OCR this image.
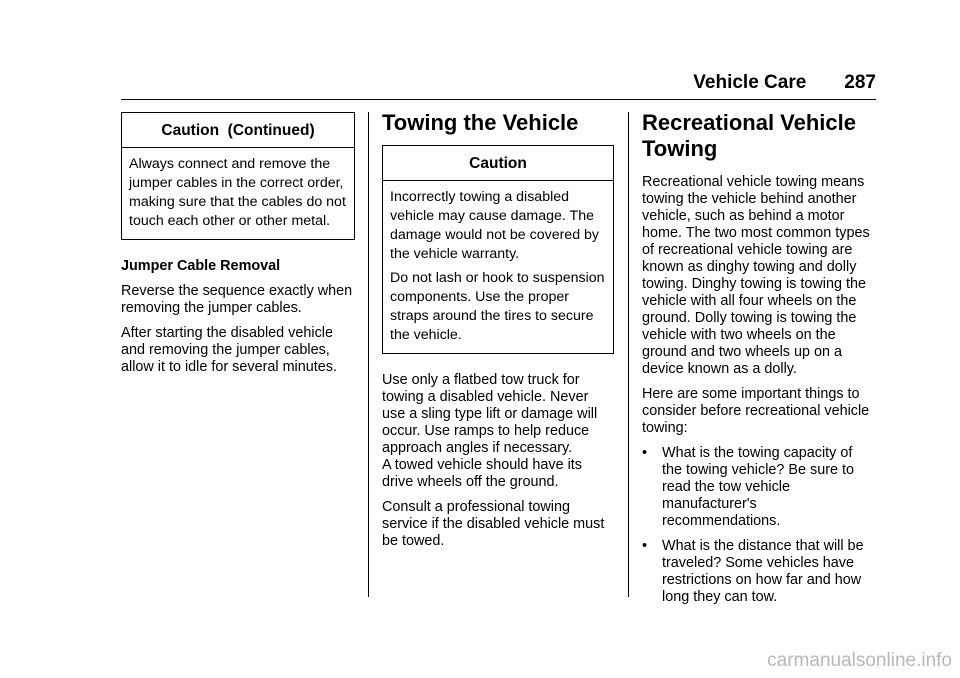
Vehicle Care 287
Caution  (Continued)

Always connect and remove the jumper cables in the correct order, making sure that the cables do not touch each other or other metal.

Jumper Cable Removal

Reverse the sequence exactly when removing the jumper cables.

After starting the disabled vehicle and removing the jumper cables, allow it to idle for several minutes.

Towing the Vehicle
Caution

Incorrectly towing a disabled vehicle may cause damage. The damage would not be covered by the vehicle warranty.

Do not lash or hook to suspension components. Use the proper straps around the tires to secure the vehicle.

Use only a flatbed tow truck for towing a disabled vehicle. Never use a sling type lift or damage will occur. Use ramps to help reduce approach angles if necessary.

A towed vehicle should have its drive wheels off the ground.

Consult a professional towing service if the disabled vehicle must be towed.

Recreational Vehicle Towing

Recreational vehicle towing means towing the vehicle behind another vehicle, such as behind a motor home. The two most common types of recreational vehicle towing are known as dinghy towing and dolly towing. Dinghy towing is towing the vehicle with all four wheels on the ground. Dolly towing is towing the vehicle with two wheels on the ground and two wheels up on a device known as a dolly.

Here are some important things to consider before recreational vehicle towing:

• What is the towing capacity of the towing vehicle? Be sure to read the tow vehicle manufacturer's recommendations.
• What is the distance that will be traveled? Some vehicles have restrictions on how far and how long they can tow.
carmanualsonline.info
